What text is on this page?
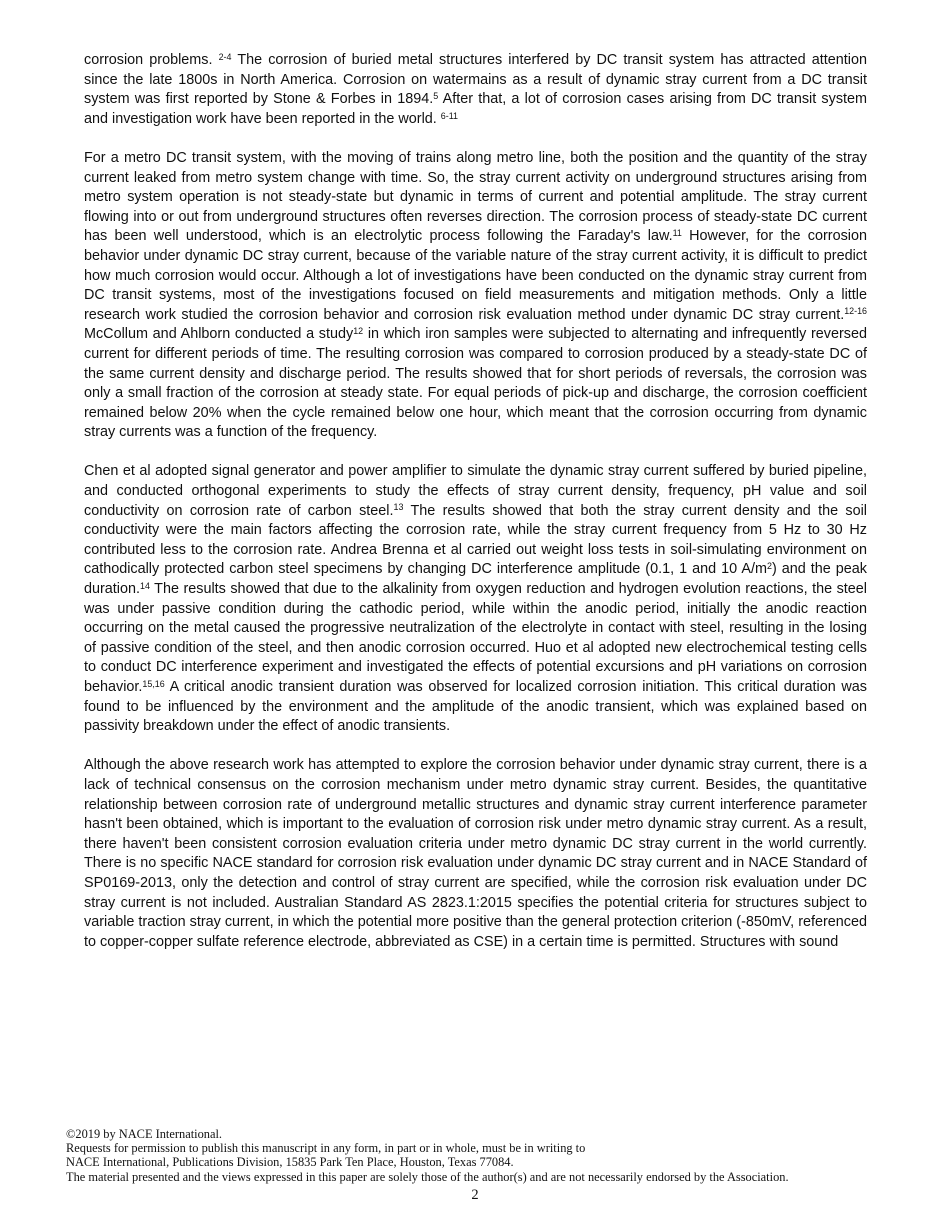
corrosion problems. $^{2-4}$ The corrosion of buried metal structures interfered by DC transit system has attracted attention since the late 1800s in North America. Corrosion on watermains as a result of dynamic stray current from a DC transit system was first reported by Stone & Forbes in 1894.$^5$ After that, a lot of corrosion cases arising from DC transit system and investigation work have been reported in the world. $^{6-11}$

For a metro DC transit system, with the moving of trains along metro line, both the position and the quantity of the stray current leaked from metro system change with time. So, the stray current activity on underground structures arising from metro system operation is not steady-state but dynamic in terms of current and potential amplitude. The stray current flowing into or out from underground structures often reverses direction. The corrosion process of steady-state DC current has been well understood, which is an electrolytic process following the Faraday's law.$^{11}$ However, for the corrosion behavior under dynamic DC stray current, because of the variable nature of the stray current activity, it is difficult to predict how much corrosion would occur. Although a lot of investigations have been conducted on the dynamic stray current from DC transit systems, most of the investigations focused on field measurements and mitigation methods. Only a little research work studied the corrosion behavior and corrosion risk evaluation method under dynamic DC stray current.$^{12-16}$ McCollum and Ahlborn conducted a study$^{12}$ in which iron samples were subjected to alternating and infrequently reversed current for different periods of time. The resulting corrosion was compared to corrosion produced by a steady-state DC of the same current density and discharge period. The results showed that for short periods of reversals, the corrosion was only a small fraction of the corrosion at steady state. For equal periods of pick-up and discharge, the corrosion coefficient remained below 20% when the cycle remained below one hour, which meant that the corrosion occurring from dynamic stray currents was a function of the frequency.

Chen et al adopted signal generator and power amplifier to simulate the dynamic stray current suffered by buried pipeline, and conducted orthogonal experiments to study the effects of stray current density, frequency, pH value and soil conductivity on corrosion rate of carbon steel.$^{13}$ The results showed that both the stray current density and the soil conductivity were the main factors affecting the corrosion rate, while the stray current frequency from 5 Hz to 30 Hz contributed less to the corrosion rate. Andrea Brenna et al carried out weight loss tests in soil-simulating environment on cathodically protected carbon steel specimens by changing DC interference amplitude (0.1, 1 and 10 $A/m^2$) and the peak duration.$^{14}$ The results showed that due to the alkalinity from oxygen reduction and hydrogen evolution reactions, the steel was under passive condition during the cathodic period, while within the anodic period, initially the anodic reaction occurring on the metal caused the progressive neutralization of the electrolyte in contact with steel, resulting in the losing of passive condition of the steel, and then anodic corrosion occurred. Huo et al adopted new electrochemical testing cells to conduct DC interference experiment and investigated the effects of potential excursions and pH variations on corrosion behavior.$^{15,16}$ A critical anodic transient duration was observed for localized corrosion initiation. This critical duration was found to be influenced by the environment and the amplitude of the anodic transient, which was explained based on passivity breakdown under the effect of anodic transients.

Although the above research work has attempted to explore the corrosion behavior under dynamic stray current, there is a lack of technical consensus on the corrosion mechanism under metro dynamic stray current. Besides, the quantitative relationship between corrosion rate of underground metallic structures and dynamic stray current interference parameter hasn't been obtained, which is important to the evaluation of corrosion risk under metro dynamic stray current. As a result, there haven't been consistent corrosion evaluation criteria under metro dynamic DC stray current in the world currently. There is no specific NACE standard for corrosion risk evaluation under dynamic DC stray current and in NACE Standard of SP0169-2013, only the detection and control of stray current are specified, while the corrosion risk evaluation under DC stray current is not included. Australian Standard AS 2823.1:2015 specifies the potential criteria for structures subject to variable traction stray current, in which the potential more positive than the general protection criterion (-850mV, referenced to copper-copper sulfate reference electrode, abbreviated as CSE) in a certain time is permitted. Structures with sound

©2019 by NACE International.
Requests for permission to publish this manuscript in any form, in part or in whole, must be in writing to
NACE International, Publications Division, 15835 Park Ten Place, Houston, Texas 77084.
The material presented and the views expressed in this paper are solely those of the author(s) and are not necessarily endorsed by the Association.
2
